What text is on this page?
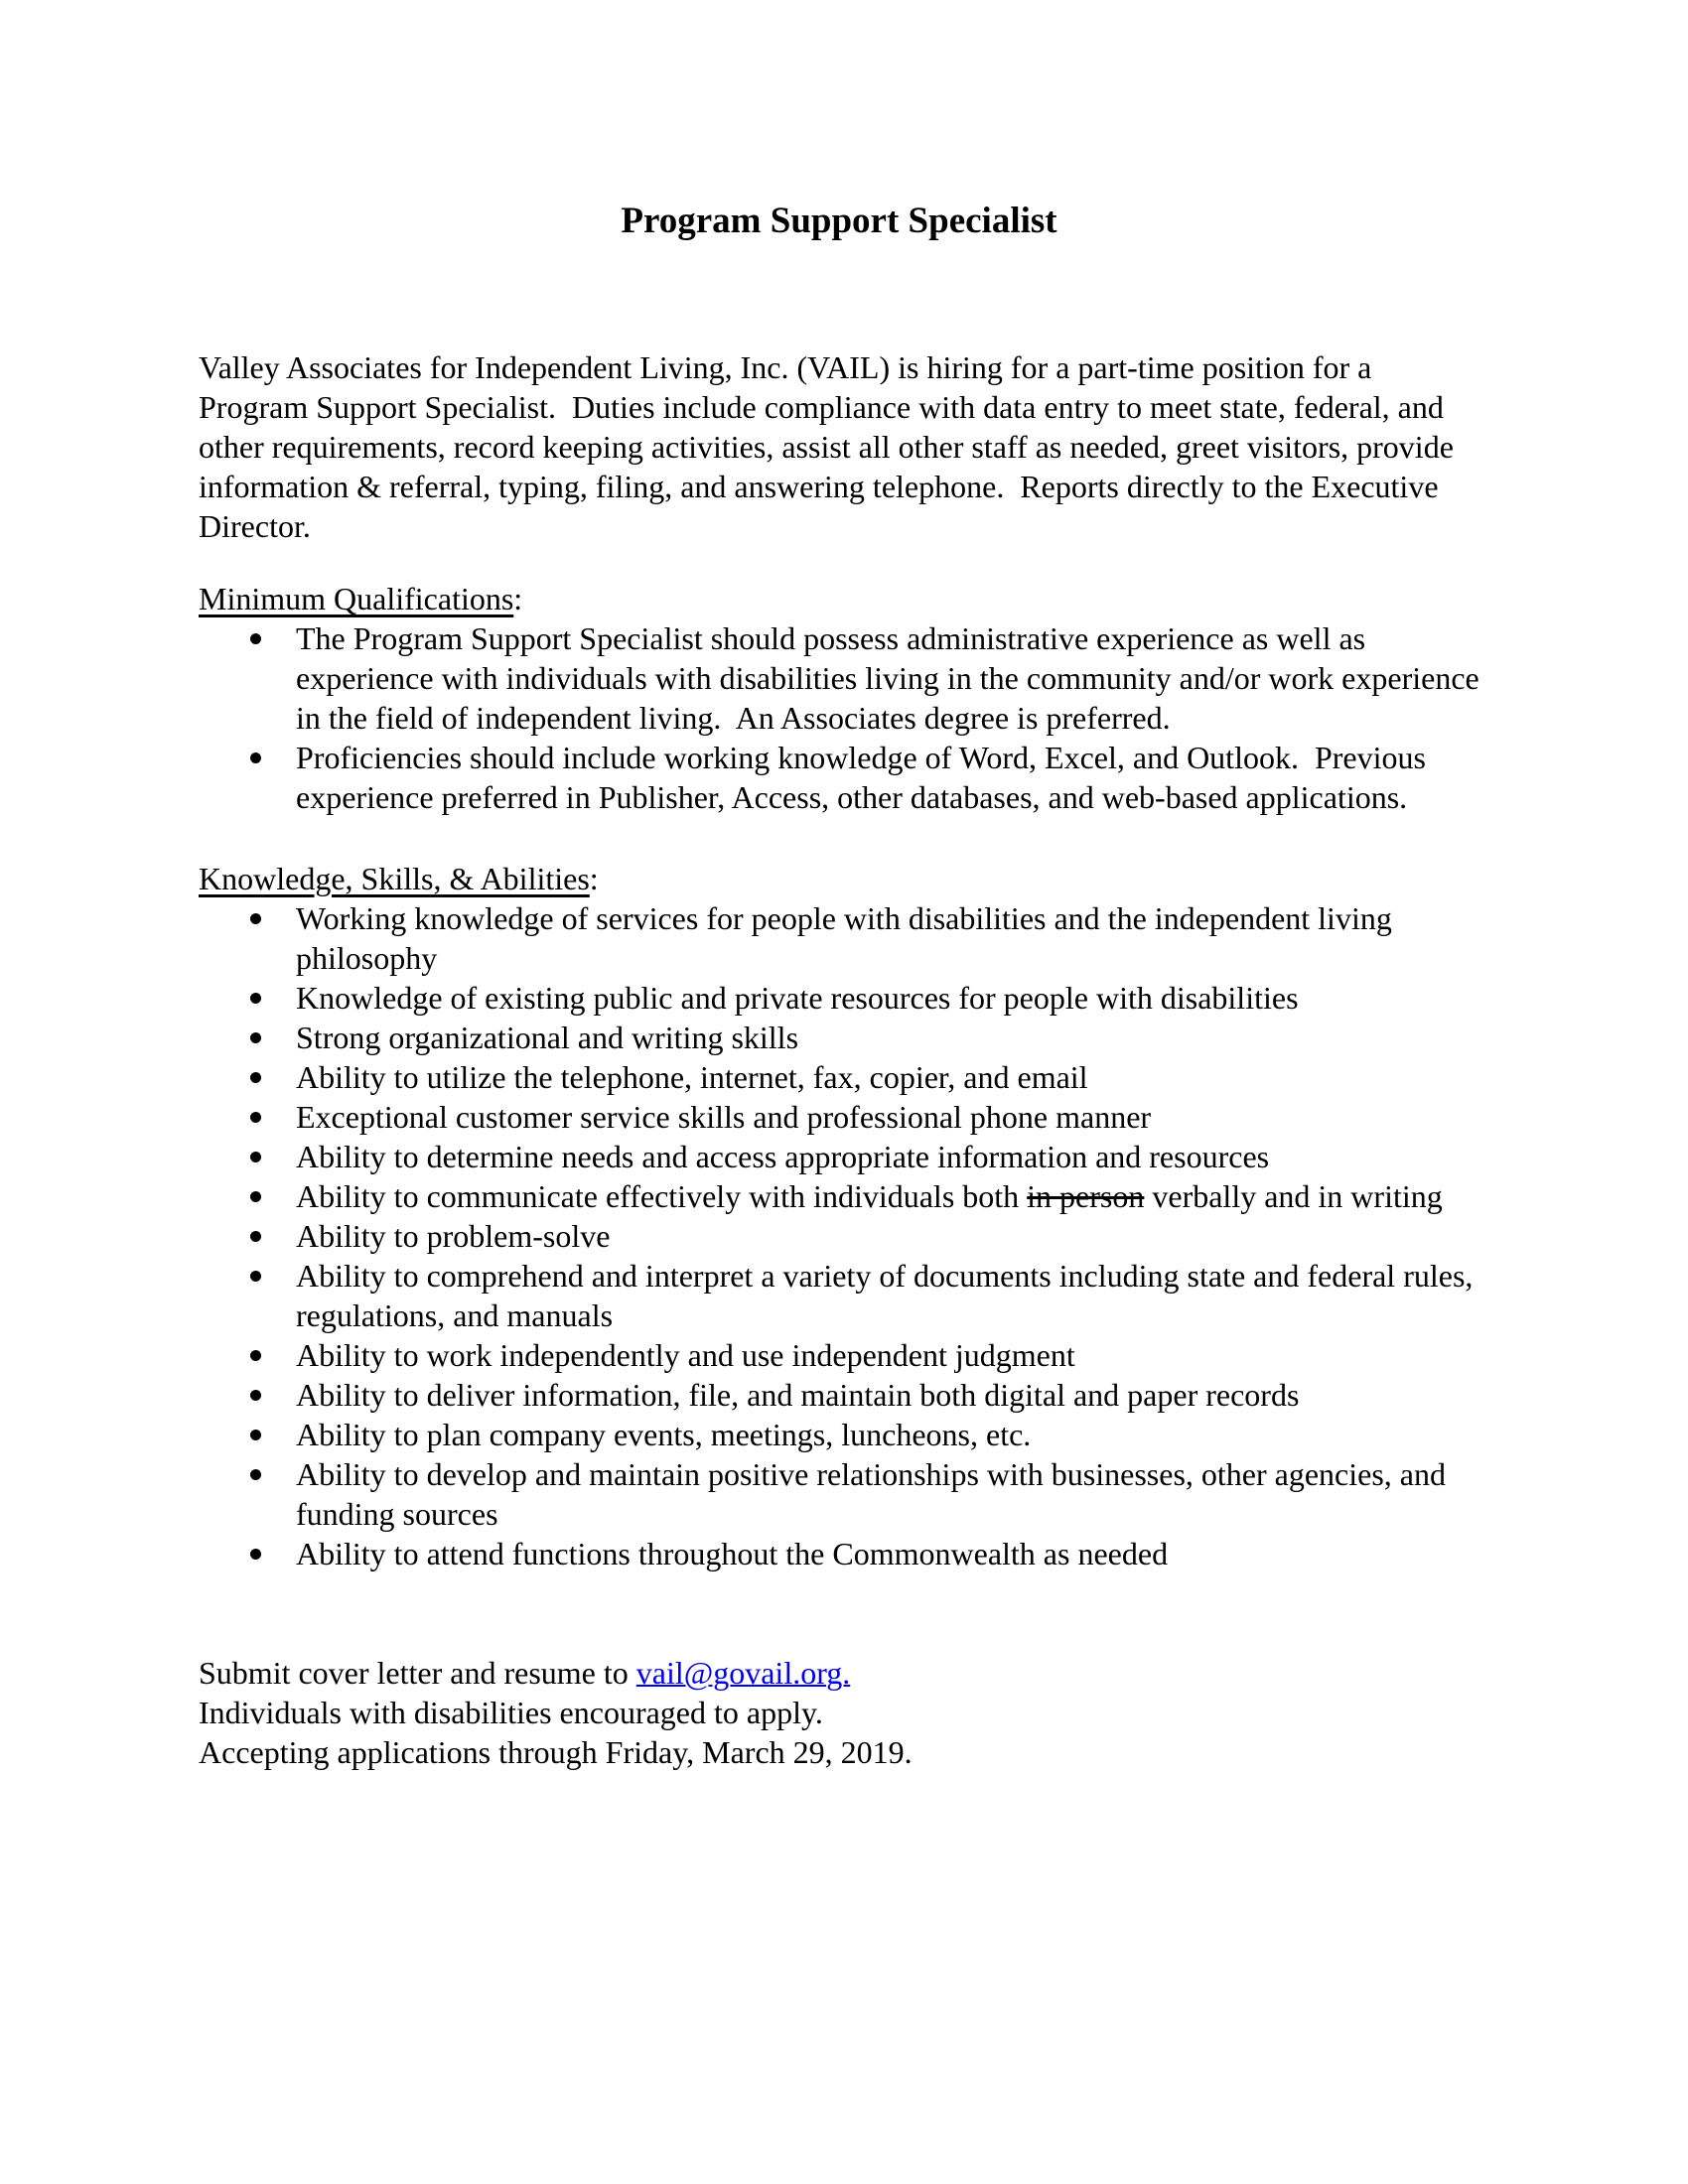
Program Support Specialist

Valley Associates for Independent Living, Inc. (VAIL) is hiring for a part-time position for a Program Support Specialist.  Duties include compliance with data entry to meet state, federal, and other requirements, record keeping activities, assist all other staff as needed, greet visitors, provide information & referral, typing, filing, and answering telephone.  Reports directly to the Executive Director.

Minimum Qualifications:
The Program Support Specialist should possess administrative experience as well as experience with individuals with disabilities living in the community and/or work experience in the field of independent living.  An Associates degree is preferred.
Proficiencies should include working knowledge of Word, Excel, and Outlook.  Previous experience preferred in Publisher, Access, other databases, and web-based applications.
Knowledge, Skills, & Abilities:
Working knowledge of services for people with disabilities and the independent living philosophy
Knowledge of existing public and private resources for people with disabilities
Strong organizational and writing skills
Ability to utilize the telephone, internet, fax, copier, and email
Exceptional customer service skills and professional phone manner
Ability to determine needs and access appropriate information and resources
Ability to communicate effectively with individuals both in person verbally and in writing
Ability to problem-solve
Ability to comprehend and interpret a variety of documents including state and federal rules, regulations, and manuals
Ability to work independently and use independent judgment
Ability to deliver information, file, and maintain both digital and paper records
Ability to plan company events, meetings, luncheons, etc.
Ability to develop and maintain positive relationships with businesses, other agencies, and funding sources
Ability to attend functions throughout the Commonwealth as needed

Submit cover letter and resume to vail@govail.org.

Individuals with disabilities encouraged to apply.

Accepting applications through Friday, March 29, 2019.
